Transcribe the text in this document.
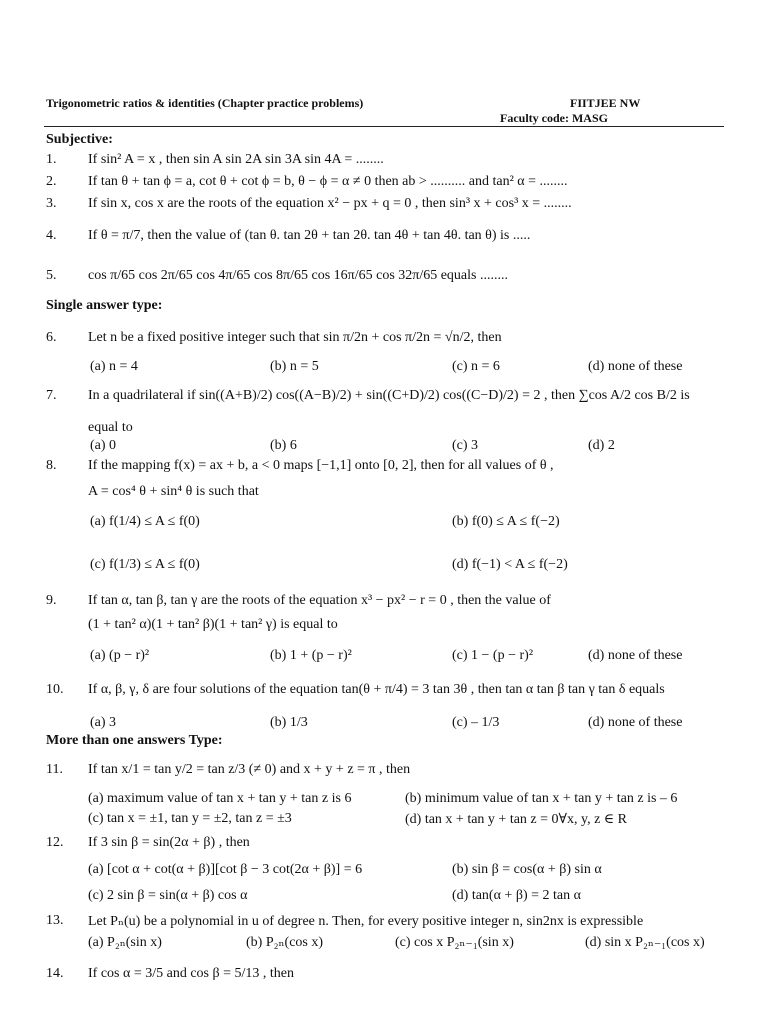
Trigonometric ratios & identities (Chapter practice problems)	FIITJEE NW
Faculty code: MASG
Subjective:
1. If sin² A = x , then sin A sin 2A sin 3A sin 4A = ........
2. If tan θ + tan ϕ = a, cot θ + cot ϕ = b, θ − ϕ = α ≠ 0 then ab > .......... and tan² α = ........
3. If sin x, cos x are the roots of the equation x² − px + q = 0 , then sin³ x + cos³ x = ........
4. If θ = π/7, then the value of (tan θ. tan 2θ + tan 2θ. tan 4θ + tan 4θ. tan θ) is .....
5. cos π/65 cos 2π/65 cos 4π/65 cos 8π/65 cos 16π/65 cos 32π/65 equals ........
Single answer type:
6. Let n be a fixed positive integer such that sin π/2n + cos π/2n = √n/2, then
(a) n = 4	(b) n = 5	(c) n = 6	(d) none of these
7. In a quadrilateral if sin((A+B)/2) cos((A−B)/2) + sin((C+D)/2) cos((C−D)/2) = 2 , then ∑cos A/2 cos B/2 is
equal to
(a) 0	(b) 6	(c) 3	(d) 2
8. If the mapping f(x) = ax + b, a < 0 maps [−1,1] onto [0, 2], then for all values of θ ,
A = cos⁴ θ + sin⁴ θ is such that
(a) f(1/4) ≤ A ≤ f(0)	(b) f(0) ≤ A ≤ f(−2)
(c) f(1/3) ≤ A ≤ f(0)	(d) f(−1) < A ≤ f(−2)
9. If tan α, tan β, tan γ are the roots of the equation x³ − px² − r = 0 , then the value of
(1 + tan² α)(1 + tan² β)(1 + tan² γ) is equal to
(a) (p − r)²	(b) 1 + (p − r)²	(c) 1 − (p − r)²	(d) none of these
10. If α, β, γ, δ are four solutions of the equation tan(θ + π/4) = 3 tan 3θ , then tan α tan β tan γ tan δ equals
(a) 3	(b) 1/3	(c) – 1/3	(d) none of these
More than one answers Type:
11. If tan x/1 = tan y/2 = tan z/3 (≠ 0) and x + y + z = π , then
(a) maximum value of tan x + tan y + tan z is 6	(b) minimum value of tan x + tan y + tan z is – 6
(c) tan x = ±1, tan y = ±2, tan z = ±3	(d) tan x + tan y + tan z = 0∀x, y, z ∈ R
12. If 3 sin β = sin(2α + β) , then
(a) [cot α + cot(α + β)][cot β − 3 cot(2α + β)] = 6	(b) sin β = cos(α + β) sin α
(c) 2 sin β = sin(α + β) cos α	(d) tan(α + β) = 2 tan α
13. Let Pₙ(u) be a polynomial in u of degree n. Then, for every positive integer n, sin2nx is expressible
(a) P₂ₙ(sin x)	(b) P₂ₙ(cos x)	(c) cos x P₂ₙ₋₁(sin x)	(d) sin x P₂ₙ₋₁(cos x)
14. If cos α = 3/5 and cos β = 5/13 , then
